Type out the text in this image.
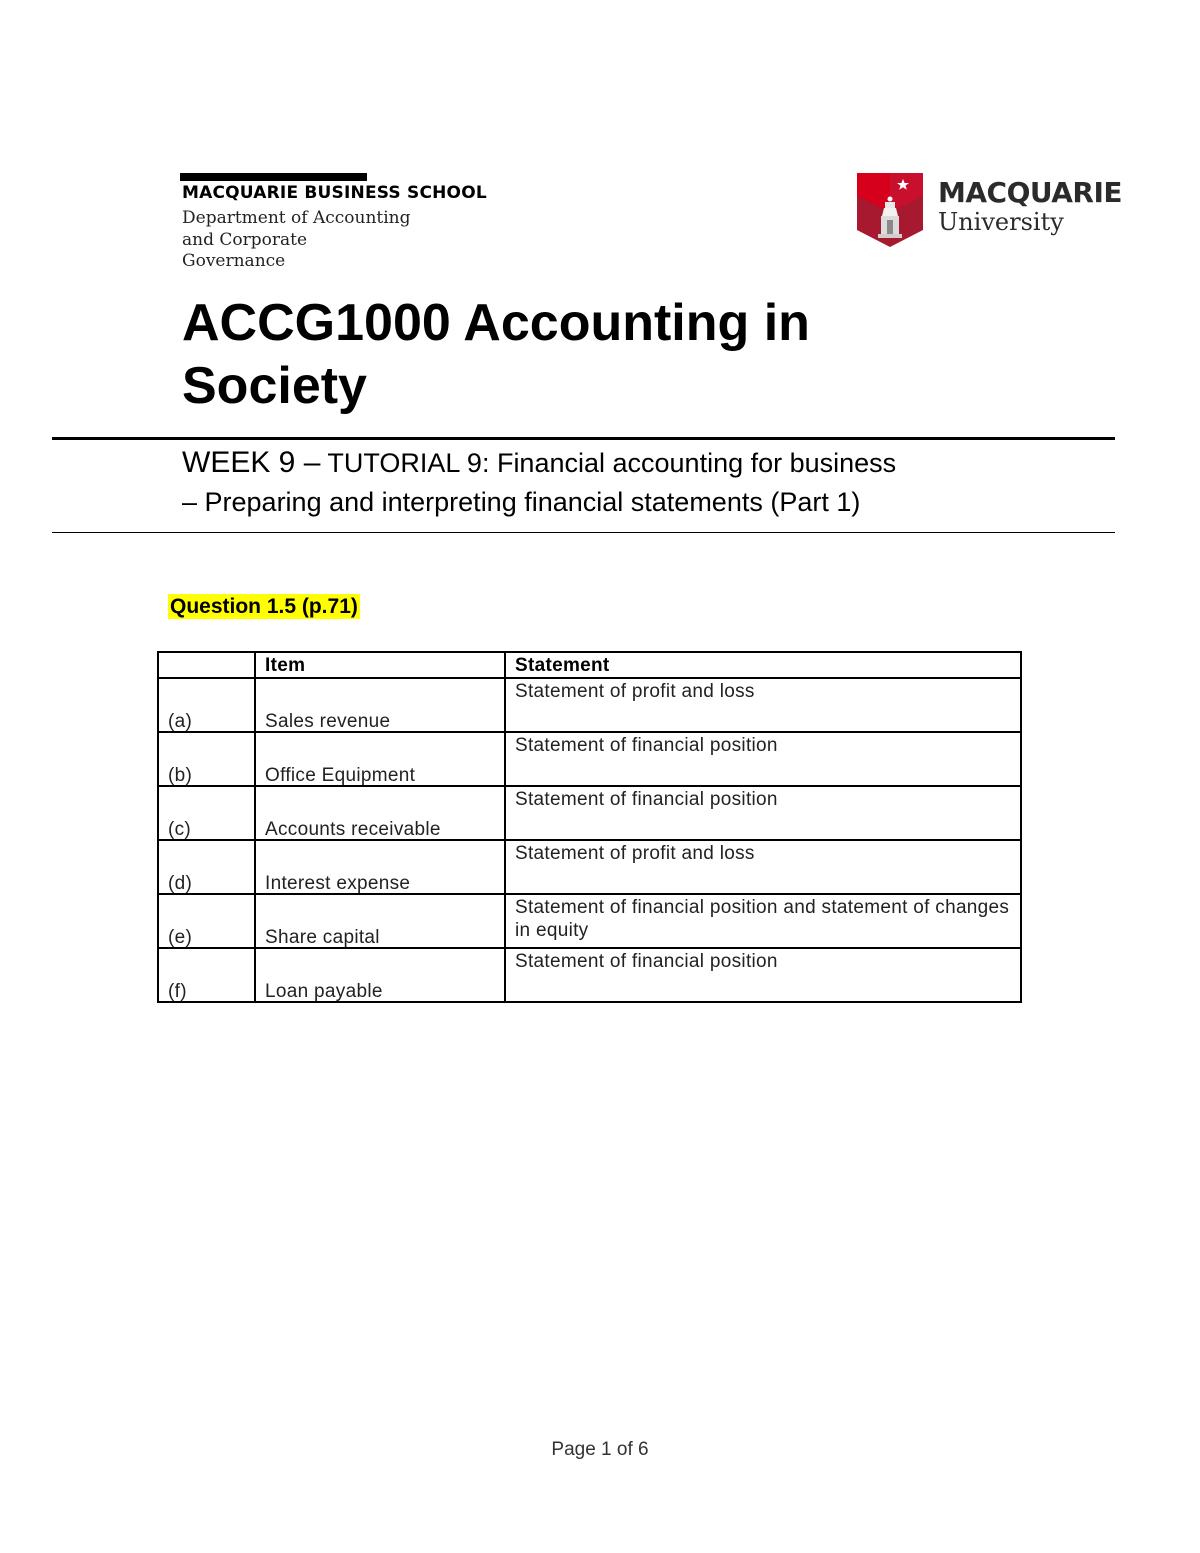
MACQUARIE BUSINESS SCHOOL
Department of Accounting
and Corporate
Governance
MACQUARIE
University
ACCG1000 Accounting in
Society
WEEK 9 – TUTORIAL 9: Financial accounting for business
– Preparing and interpreting financial statements (Part 1)
Question 1.5 (p.71)
	Item	Statement

(a)	Sales revenue	Statement of profit and loss

(b)	Office Equipment	Statement of financial position

(c)	Accounts receivable	Statement of financial position

(d)	Interest expense	Statement of profit and loss

(e)	Share capital	Statement of financial position and statement of changes in equity

(f)	Loan payable	Statement of financial position
Page 1 of 6
